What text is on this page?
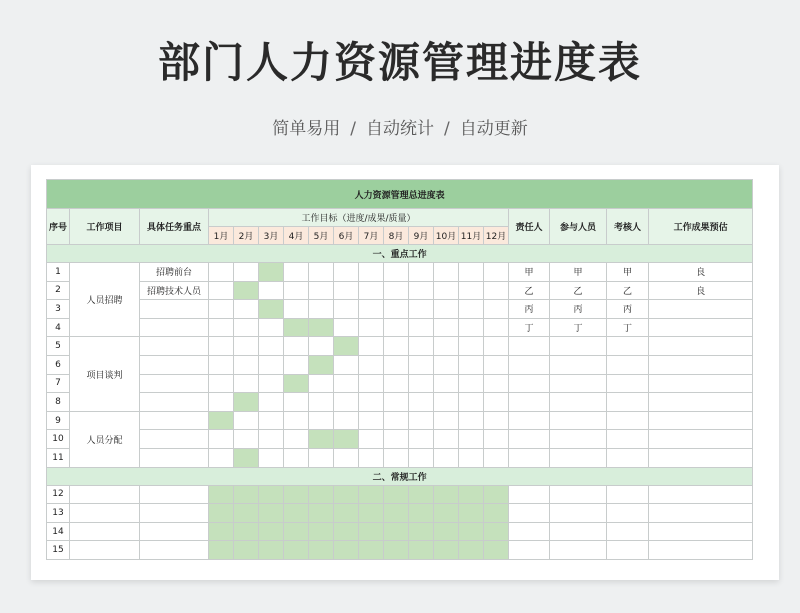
部门人力资源管理进度表
简单易用 / 自动统计 / 自动更新
人力资源管理总进度表																		
序号	工作项目	具体任务重点	工作目标（进度/成果/质量）												责任人	参与人员	考核人	工作成果预估
			1月	2月	3月	4月	5月	6月	7月	8月	9月	10月	11月	12月				
一、重点工作																		
1	人员招聘	招聘前台													甲	甲	甲	良
2		招聘技术人员													乙	乙	乙	良
3															丙	丙	丙	
4															丁	丁	丁	
5	项目谈判																	
6																		
7																		
8																		
9	人员分配																	
10																		
11																		
二、常规工作																		
12																		
13																		
14																		
15																		
